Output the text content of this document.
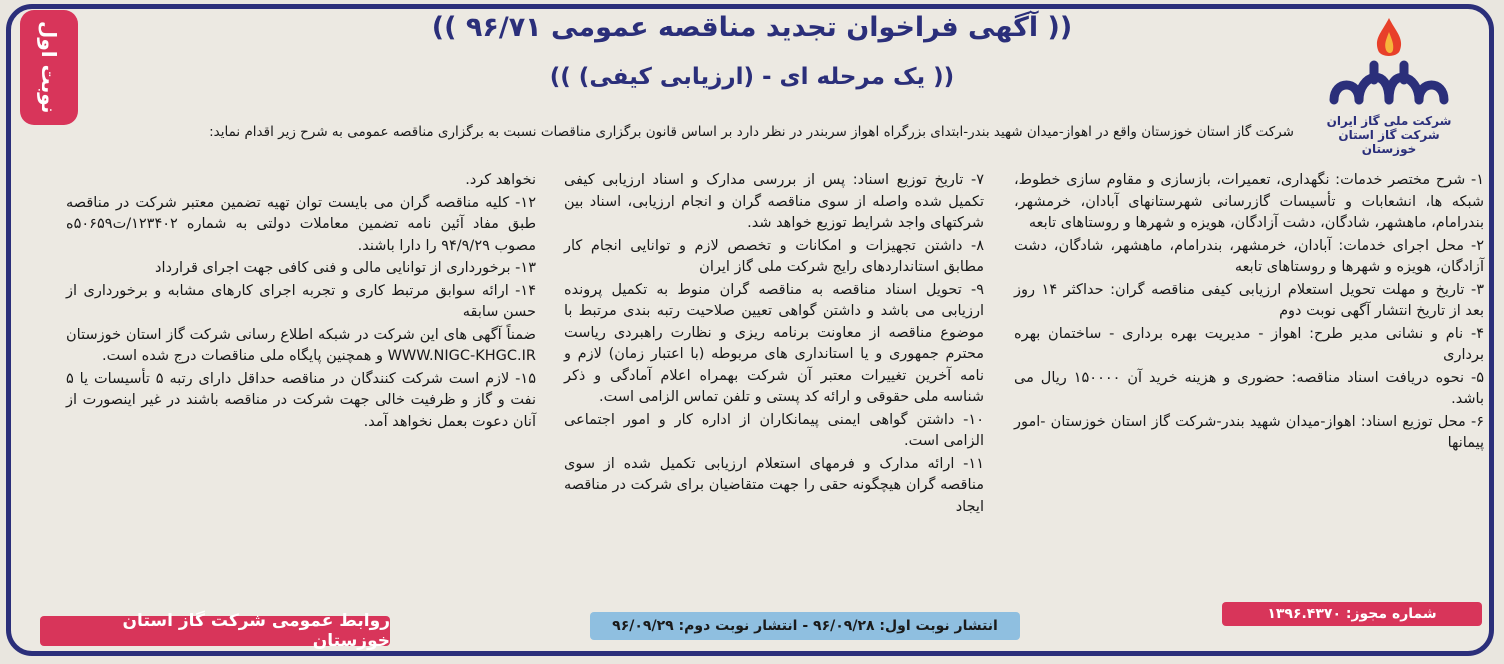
نوبت اول	(( آگهی فراخوان تجدید مناقصه عمومی ۹۶/۷۱ ))
(( یک مرحله ای - (ارزیابی کیفی) ))
شرکت ملی گاز ایران
شرکت گاز استان خوزستان
شرکت گاز استان خوزستان واقع در اهواز-میدان شهید بندر-ابتدای بزرگراه اهواز سربندر در نظر دارد بر اساس قانون برگزاری مناقصات نسبت به برگزاری مناقصه عمومی به شرح زیر اقدام نماید:

۱- شرح مختصر خدمات: نگهداری، تعمیرات، بازسازی و مقاوم سازی خطوط، شبکه ها، انشعابات و تأسیسات گازرسانی شهرستانهای آبادان، خرمشهر، بندرامام، ماهشهر، شادگان، دشت آزادگان، هویزه و شهرها و روستاهای تابعه

۲- محل اجرای خدمات: آبادان، خرمشهر، بندرامام، ماهشهر، شادگان، دشت آزادگان، هویزه و شهرها و روستاهای تابعه

۳- تاریخ و مهلت تحویل استعلام ارزیابی کیفی مناقصه گران: حداکثر ۱۴ روز بعد از تاریخ انتشار آگهی نوبت دوم

۴- نام و نشانی مدیر طرح: اهواز - مدیریت بهره برداری - ساختمان بهره برداری

۵- نحوه دریافت اسناد مناقصه: حضوری و هزینه خرید آن ۱۵۰۰۰۰ ریال می باشد.

۶- محل توزیع اسناد: اهواز-میدان شهید بندر-شرکت گاز استان خوزستان -امور پیمانها

۷- تاریخ توزیع اسناد: پس از بررسی مدارک و اسناد ارزیابی کیفی تکمیل شده واصله از سوی مناقصه گران و انجام ارزیابی، اسناد بین شرکتهای واجد شرایط توزیع خواهد شد.

۸- داشتن تجهیزات و امکانات و تخصص لازم و توانایی انجام کار مطابق استانداردهای رایج شرکت ملی گاز ایران

۹- تحویل اسناد مناقصه به مناقصه گران منوط به تکمیل پرونده ارزیابی می باشد و داشتن گواهی تعیین صلاحیت رتبه بندی مرتبط با موضوع مناقصه از معاونت برنامه ریزی و نظارت راهبردی ریاست محترم جمهوری و یا استانداری های مربوطه (با اعتبار زمان) لازم و نامه آخرین تغییرات معتبر آن شرکت بهمراه اعلام آمادگی و ذکر شناسه ملی حقوقی و ارائه کد پستی و تلفن تماس الزامی است.

۱۰- داشتن گواهی ایمنی پیمانکاران از اداره کار و امور اجتماعی الزامی است.

۱۱- ارائه مدارک و فرمهای استعلام ارزیابی تکمیل شده از سوی مناقصه گران هیچگونه حقی را جهت متقاضیان برای شرکت در مناقصه ایجاد

نخواهد کرد.

۱۲- کلیه مناقصه گران می بایست توان تهیه تضمین معتبر شرکت در مناقصه طبق مفاد آئین نامه تضمین معاملات دولتی به شماره ۱۲۳۴۰۲/ت۵۰۶۵۹ه مصوب ۹۴/۹/۲۹ را دارا باشند.

۱۳- برخورداری از توانایی مالی و فنی کافی جهت اجرای قرارداد

۱۴- ارائه سوابق مرتبط کاری و تجربه اجرای کارهای مشابه و برخورداری از حسن سابقه

ضمناً آگهی های این شرکت در شبکه اطلاع رسانی شرکت گاز استان خوزستان WWW.NIGC-KHGC.IR و همچنین پایگاه ملی مناقصات درج شده است.

۱۵- لازم است شرکت کنندگان در مناقصه حداقل دارای رتبه ۵ تأسیسات یا ۵ نفت و گاز و ظرفیت خالی جهت شرکت در مناقصه باشند در غیر اینصورت از آنان دعوت بعمل نخواهد آمد.

روابط عمومی شرکت گاز استان خوزستان
انتشار نوبت اول: ۹۶/۰۹/۲۸ - انتشار نوبت دوم: ۹۶/۰۹/۲۹
شماره مجوز: ۱۳۹۶.۴۳۷۰
